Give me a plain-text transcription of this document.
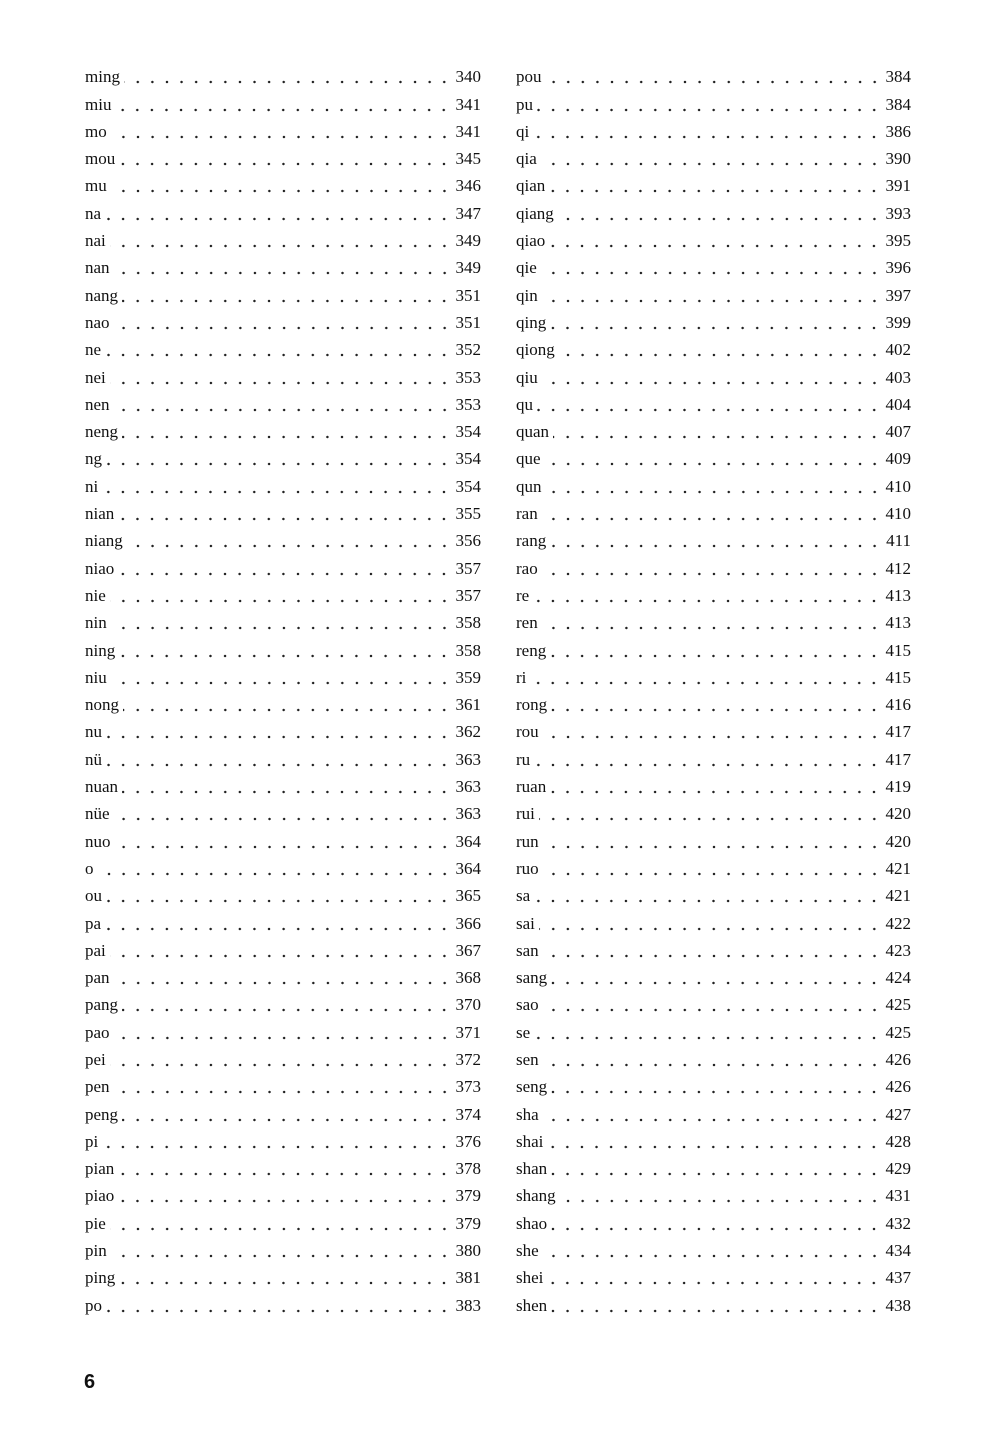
ming	340
miu	341
mo	341
mou	345
mu	346
na	347
nai	349
nan	349
nang	351
nao	351
ne	352
nei	353
nen	353
neng	354
ng	354
ni	354
nian	355
niang	356
niao	357
nie	357
nin	358
ning	358
niu	359
nong	361
nu	362
nü	363
nuan	363
nüe	363
nuo	364
o	364
ou	365
pa	366
pai	367
pan	368
pang	370
pao	371
pei	372
pen	373
peng	374
pi	376
pian	378
piao	379
pie	379
pin	380
ping	381
po	383
pou	384
pu	384
qi	386
qia	390
qian	391
qiang	393
qiao	395
qie	396
qin	397
qing	399
qiong	402
qiu	403
qu	404
quan	407
que	409
qun	410
ran	410
rang	411
rao	412
re	413
ren	413
reng	415
ri	415
rong	416
rou	417
ru	417
ruan	419
rui	420
run	420
ruo	421
sa	421
sai	422
san	423
sang	424
sao	425
se	425
sen	426
seng	426
sha	427
shai	428
shan	429
shang	431
shao	432
she	434
shei	437
shen	438
6
